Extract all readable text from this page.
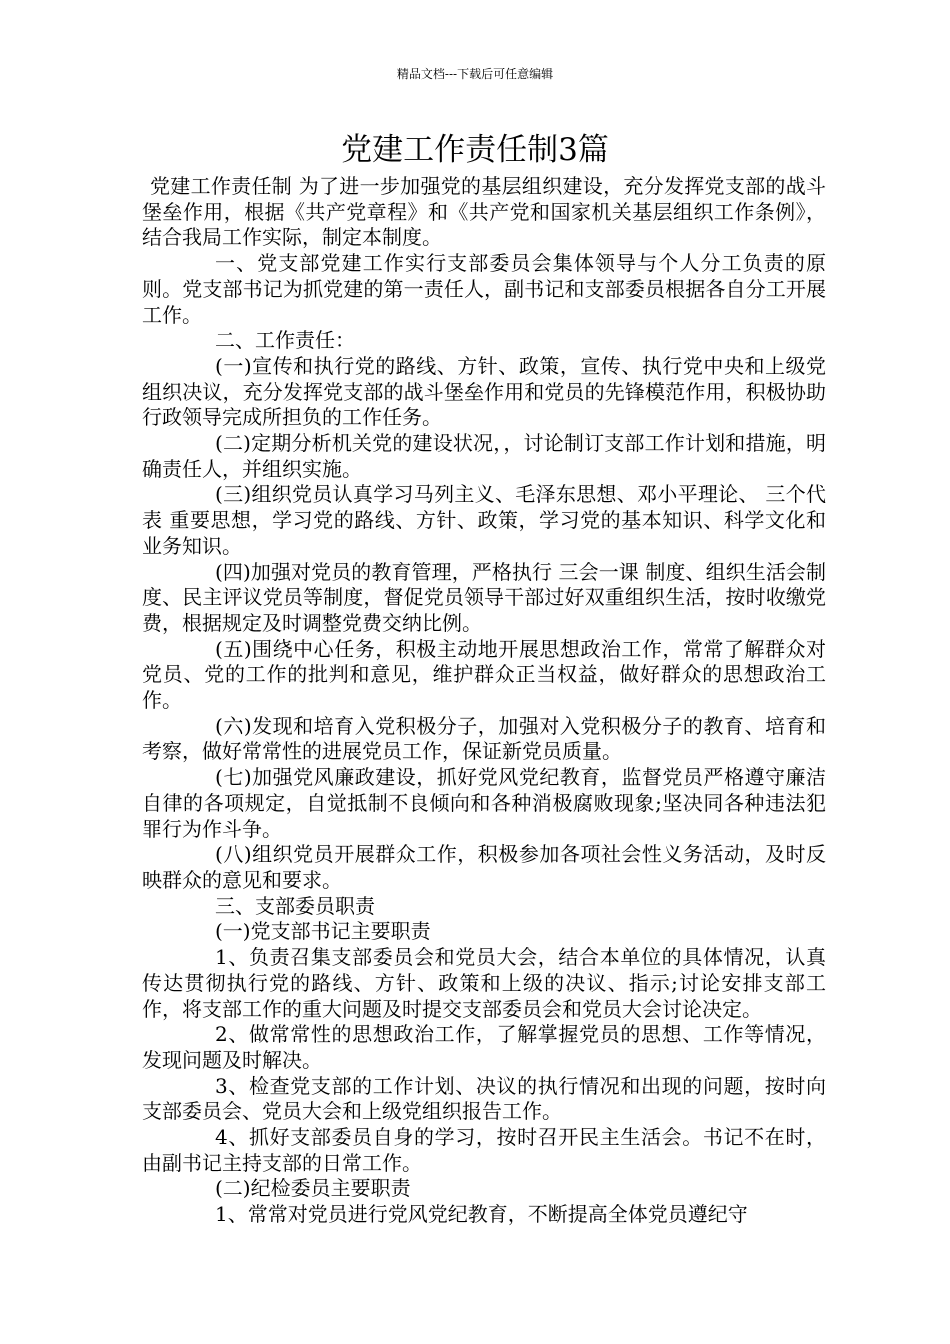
精品文档---下载后可任意编辑
党建工作责任制3篇

党建工作责任制 为了进一步加强党的基层组织建设，充分发挥党支部的战斗堡垒作用，根据《共产党章程》和《共产党和国家机关基层组织工作条例》，结合我局工作实际，制定本制度。

一、党支部党建工作实行支部委员会集体领导与个人分工负责的原则。党支部书记为抓党建的第一责任人，副书记和支部委员根据各自分工开展工作。

二、工作责任：

(一)宣传和执行党的路线、方针、政策，宣传、执行党中央和上级党组织决议，充分发挥党支部的战斗堡垒作用和党员的先锋模范作用，积极协助行政领导完成所担负的工作任务。

(二)定期分析机关党的建设状况，，讨论制订支部工作计划和措施，明确责任人，并组织实施。

(三)组织党员认真学习马列主义、毛泽东思想、邓小平理论、 三个代表 重要思想，学习党的路线、方针、政策，学习党的基本知识、科学文化和业务知识。

(四)加强对党员的教育管理，严格执行 三会一课 制度、组织生活会制度、民主评议党员等制度，督促党员领导干部过好双重组织生活，按时收缴党费，根据规定及时调整党费交纳比例。

(五)围绕中心任务，积极主动地开展思想政治工作，常常了解群众对党员、党的工作的批判和意见，维护群众正当权益，做好群众的思想政治工作。

(六)发现和培育入党积极分子，加强对入党积极分子的教育、培育和考察，做好常常性的进展党员工作，保证新党员质量。

(七)加强党风廉政建设，抓好党风党纪教育，监督党员严格遵守廉洁自律的各项规定，自觉抵制不良倾向和各种消极腐败现象;坚决同各种违法犯罪行为作斗争。

(八)组织党员开展群众工作，积极参加各项社会性义务活动，及时反映群众的意见和要求。

三、支部委员职责

(一)党支部书记主要职责

1、负责召集支部委员会和党员大会，结合本单位的具体情况，认真传达贯彻执行党的路线、方针、政策和上级的决议、指示;讨论安排支部工作，将支部工作的重大问题及时提交支部委员会和党员大会讨论决定。

2、做常常性的思想政治工作，了解掌握党员的思想、工作等情况，发现问题及时解决。

3、检查党支部的工作计划、决议的执行情况和出现的问题，按时向支部委员会、党员大会和上级党组织报告工作。

4、抓好支部委员自身的学习，按时召开民主生活会。书记不在时，由副书记主持支部的日常工作。

(二)纪检委员主要职责

1、常常对党员进行党风党纪教育，不断提高全体党员遵纪守
